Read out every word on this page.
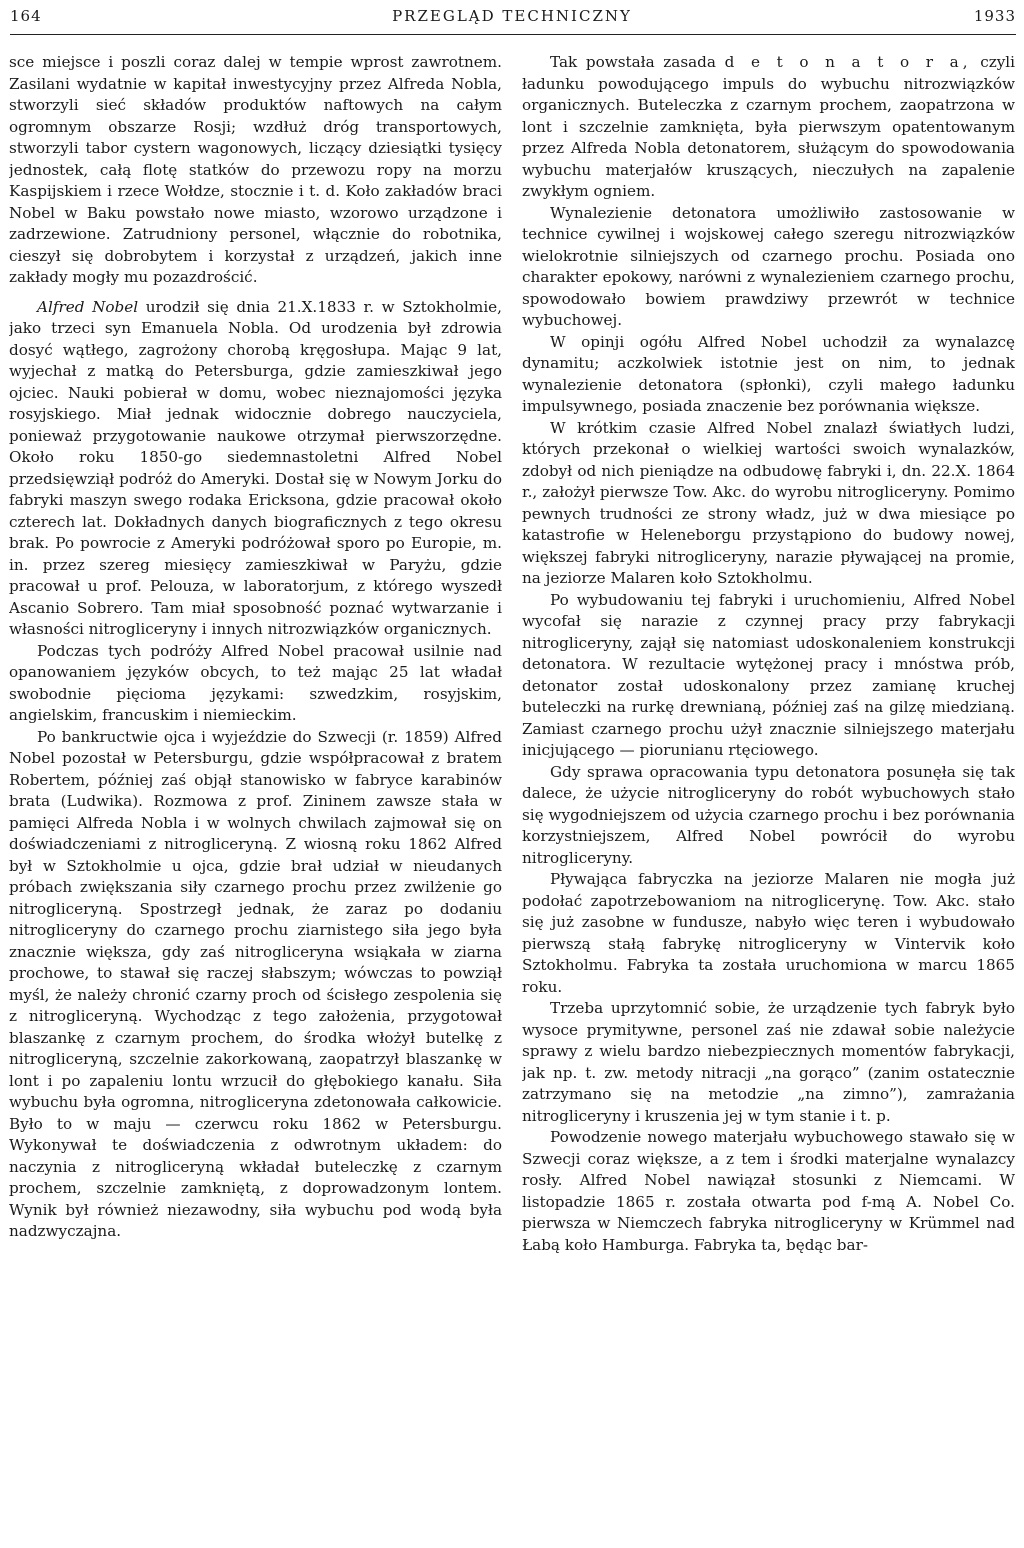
164	PRZEGLĄD TECHNICZNY	1933

sce miejsce i poszli coraz dalej w tempie wprost zawrotnem. Zasilani wydatnie w kapitał inwestycyjny przez Alfreda Nobla, stworzyli sieć składów produktów naftowych na całym ogromnym obszarze Rosji; wzdłuż dróg transportowych, stworzyli tabor cystern wagonowych, liczący dziesiątki tysięcy jednostek, całą flotę statków do przewozu ropy na morzu Kaspijskiem i rzece Wołdze, stocznie i t. d. Koło zakładów braci Nobel w Baku powstało nowe miasto, wzorowo urządzone i zadrzewione. Zatrudniony personel, włącznie do robotnika, cieszył się dobrobytem i korzystał z urządzeń, jakich inne zakłady mogły mu pozazdrościć.

Alfred Nobel urodził się dnia 21.X.1833 r. w Sztokholmie, jako trzeci syn Emanuela Nobla. Od urodzenia był zdrowia dosyć wątłego, zagrożony chorobą kręgosłupa. Mając 9 lat, wyjechał z matką do Petersburga, gdzie zamieszkiwał jego ojciec. Nauki pobierał w domu, wobec nieznajomości języka rosyjskiego. Miał jednak widocznie dobrego nauczyciela, ponieważ przygotowanie naukowe otrzymał pierwszorzędne. Około roku 1850-go siedemnastoletni Alfred Nobel przedsięwziął podróż do Ameryki. Dostał się w Nowym Jorku do fabryki maszyn swego rodaka Ericksona, gdzie pracował około czterech lat. Dokładnych danych biograficznych z tego okresu brak. Po powrocie z Ameryki podróżował sporo po Europie, m. in. przez szereg miesięcy zamieszkiwał w Paryżu, gdzie pracował u prof. Pelouza, w laboratorjum, z którego wyszedł Ascanio Sobrero. Tam miał sposobność poznać wytwarzanie i własności nitrogliceryny i innych nitrozwiązków organicznych.

Podczas tych podróży Alfred Nobel pracował usilnie nad opanowaniem języków obcych, to też mając 25 lat władał swobodnie pięcioma językami: szwedzkim, rosyjskim, angielskim, francuskim i niemieckim.

Po bankructwie ojca i wyjeździe do Szwecji (r. 1859) Alfred Nobel pozostał w Petersburgu, gdzie współpracował z bratem Robertem, później zaś objął stanowisko w fabryce karabinów brata (Ludwika). Rozmowa z prof. Zininem zawsze stała w pamięci Alfreda Nobla i w wolnych chwilach zajmował się on doświadczeniami z nitrogliceryną. Z wiosną roku 1862 Alfred był w Sztokholmie u ojca, gdzie brał udział w nieudanych próbach zwiększania siły czarnego prochu przez zwilżenie go nitrogliceryną. Spostrzegł jednak, że zaraz po dodaniu nitrogliceryny do czarnego prochu ziarnistego siła jego była znacznie większa, gdy zaś nitrogliceryna wsiąkała w ziarna prochowe, to stawał się raczej słabszym; wówczas to powziął myśl, że należy chronić czarny proch od ścisłego zespolenia się z nitrogliceryną. Wychodząc z tego założenia, przygotował blaszankę z czarnym prochem, do środka włożył butelkę z nitrogliceryną, szczelnie zakorkowaną, zaopatrzył blaszankę w lont i po zapaleniu lontu wrzucił do głębokiego kanału. Siła wybuchu była ogromna, nitrogliceryna zdetonowała całkowicie. Było to w maju — czerwcu roku 1862 w Petersburgu. Wykonywał te doświadczenia z odwrotnym układem: do naczynia z nitrogliceryną wkładał buteleczkę z czarnym prochem, szczelnie zamkniętą, z doprowadzonym lontem. Wynik był również niezawodny, siła wybuchu pod wodą była nadzwyczajna.

Tak powstała zasada d e t o n a t o r a, czyli ładunku powodującego impuls do wybuchu nitrozwiązków organicznych. Buteleczka z czarnym prochem, zaopatrzona w lont i szczelnie zamknięta, była pierwszym opatentowanym przez Alfreda Nobla detonatorem, służącym do spowodowania wybuchu materjałów kruszących, nieczułych na zapalenie zwykłym ogniem.

Wynalezienie detonatora umożliwiło zastosowanie w technice cywilnej i wojskowej całego szeregu nitrozwiązków wielokrotnie silniejszych od czarnego prochu. Posiada ono charakter epokowy, narówni z wynalezieniem czarnego prochu, spowodowało bowiem prawdziwy przewrót w technice wybuchowej.

W opinji ogółu Alfred Nobel uchodził za wynalazcę dynamitu; aczkolwiek istotnie jest on nim, to jednak wynalezienie detonatora (spłonki), czyli małego ładunku impulsywnego, posiada znaczenie bez porównania większe.

W krótkim czasie Alfred Nobel znalazł światłych ludzi, których przekonał o wielkiej wartości swoich wynalazków, zdobył od nich pieniądze na odbudowę fabryki i, dn. 22.X. 1864 r., założył pierwsze Tow. Akc. do wyrobu nitrogliceryny. Pomimo pewnych trudności ze strony władz, już w dwa miesiące po katastrofie w Heleneborgu przystąpiono do budowy nowej, większej fabryki nitrogliceryny, narazie pływającej na promie, na jeziorze Malaren koło Sztokholmu.

Po wybudowaniu tej fabryki i uruchomieniu, Alfred Nobel wycofał się narazie z czynnej pracy przy fabrykacji nitrogliceryny, zajął się natomiast udoskonaleniem konstrukcji detonatora. W rezultacie wytężonej pracy i mnóstwa prób, detonator został udoskonalony przez zamianę kruchej buteleczki na rurkę drewnianą, później zaś na gilzę miedzianą. Zamiast czarnego prochu użył znacznie silniejszego materjału inicjującego — piorunianu rtęciowego.

Gdy sprawa opracowania typu detonatora posunęła się tak dalece, że użycie nitrogliceryny do robót wybuchowych stało się wygodniejszem od użycia czarnego prochu i bez porównania korzystniejszem, Alfred Nobel powrócił do wyrobu nitrogliceryny.

Pływająca fabryczka na jeziorze Malaren nie mogła już podołać zapotrzebowaniom na nitroglicerynę. Tow. Akc. stało się już zasobne w fundusze, nabyło więc teren i wybudowało pierwszą stałą fabrykę nitrogliceryny w Vintervik koło Sztokholmu. Fabryka ta została uruchomiona w marcu 1865 roku.

Trzeba uprzytomnić sobie, że urządzenie tych fabryk było wysoce prymitywne, personel zaś nie zdawał sobie należycie sprawy z wielu bardzo niebezpiecznych momentów fabrykacji, jak np. t. zw. metody nitracji „na gorąco” (zanim ostatecznie zatrzymano się na metodzie „na zimno”), zamrażania nitrogliceryny i kruszenia jej w tym stanie i t. p.

Powodzenie nowego materjału wybuchowego stawało się w Szwecji coraz większe, a z tem i środki materjalne wynalazcy rosły. Alfred Nobel nawiązał stosunki z Niemcami. W listopadzie 1865 r. została otwarta pod f-mą A. Nobel Co. pierwsza w Niemczech fabryka nitrogliceryny w Krümmel nad Łabą koło Hamburga. Fabryka ta, będąc bar-
